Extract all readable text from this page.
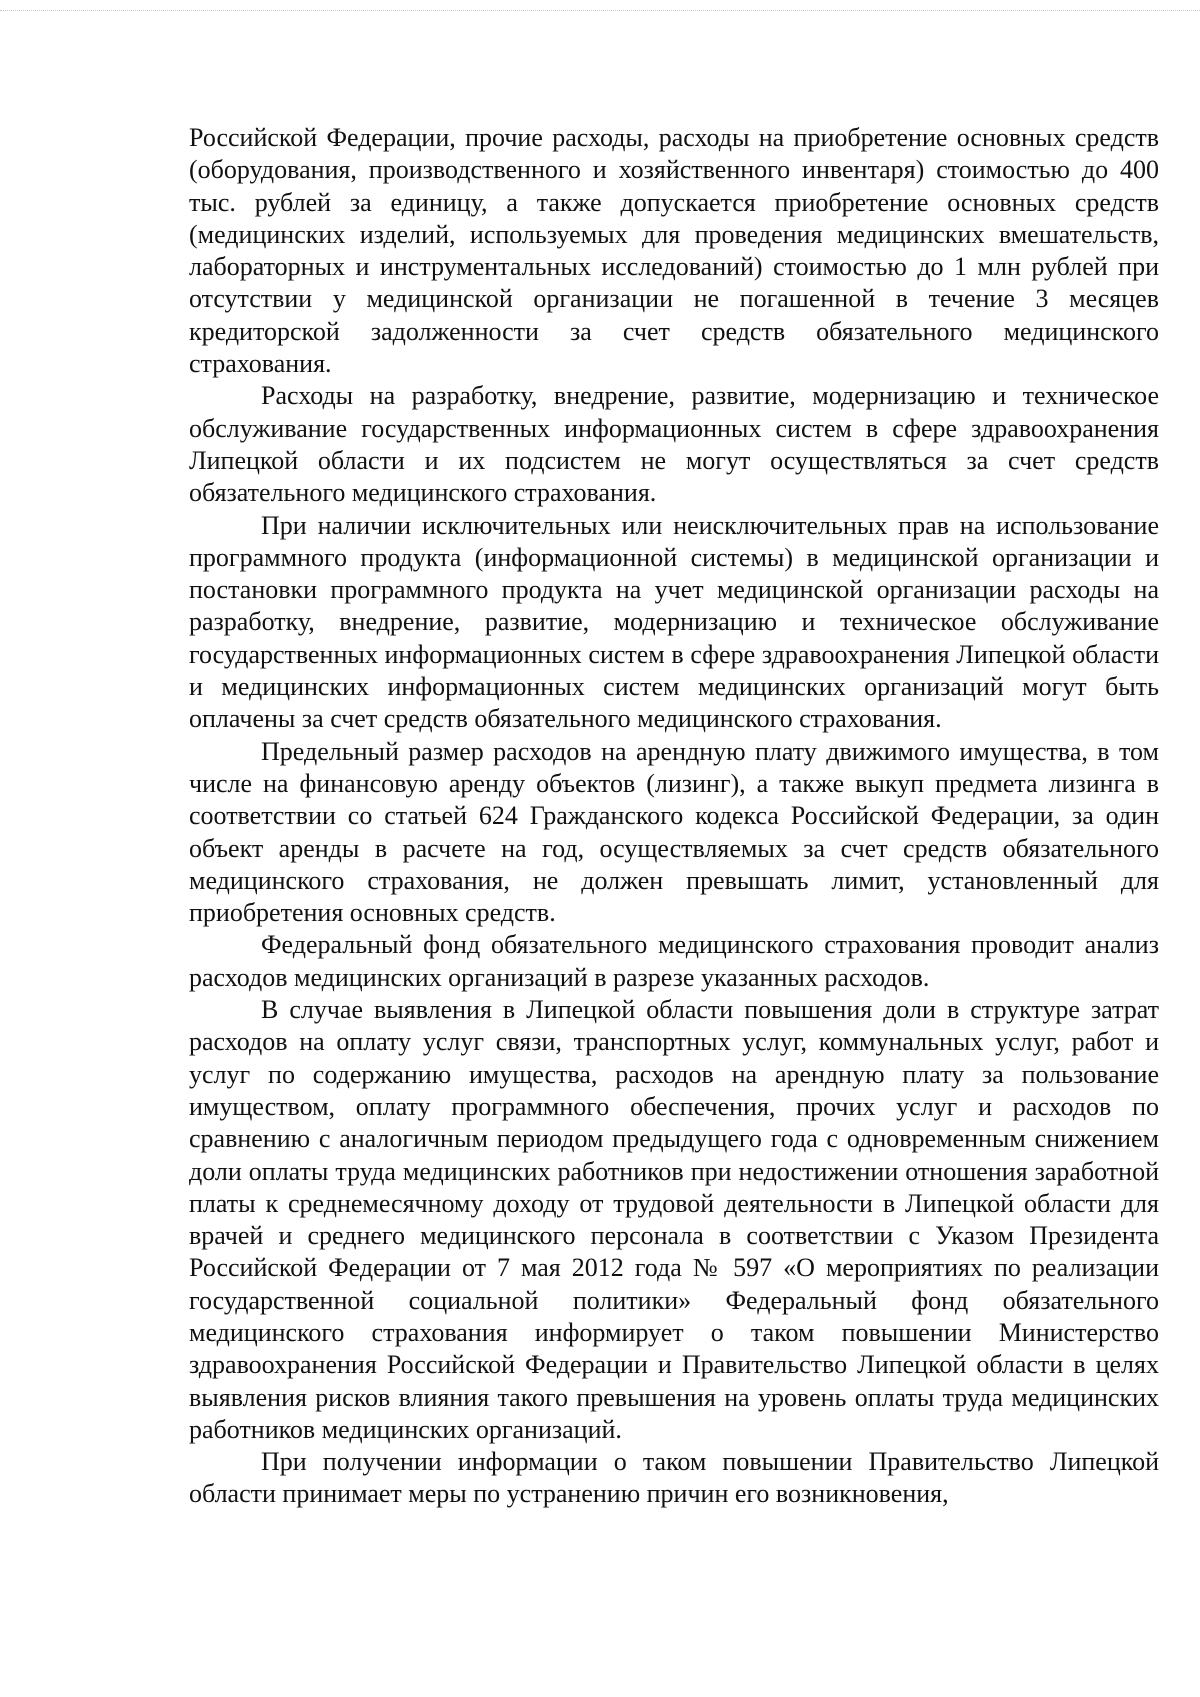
Российской Федерации, прочие расходы, расходы на приобретение основных средств (оборудования, производственного и хозяйственного инвентаря) стоимостью до 400 тыс. рублей за единицу, а также допускается приобретение основных средств (медицинских изделий, используемых для проведения медицинских вмешательств, лабораторных и инструментальных исследований) стоимостью до 1 млн рублей при отсутствии у медицинской организации не погашенной в течение 3 месяцев кредиторской задолженности за счет средств обязательного медицинского страхования.

Расходы на разработку, внедрение, развитие, модернизацию и техническое обслуживание государственных информационных систем в сфере здравоохранения Липецкой области и их подсистем не могут осуществляться за счет средств обязательного медицинского страхования.

При наличии исключительных или неисключительных прав на использование программного продукта (информационной системы) в медицинской организации и постановки программного продукта на учет медицинской организации расходы на разработку, внедрение, развитие, модернизацию и техническое обслуживание государственных информационных систем в сфере здравоохранения Липецкой области и медицинских информационных систем медицинских организаций могут быть оплачены за счет средств обязательного медицинского страхования.

Предельный размер расходов на арендную плату движимого имущества, в том числе на финансовую аренду объектов (лизинг), а также выкуп предмета лизинга в соответствии со статьей 624 Гражданского кодекса Российской Федерации, за один объект аренды в расчете на год, осуществляемых за счет средств обязательного медицинского страхования, не должен превышать лимит, установленный для приобретения основных средств.

Федеральный фонд обязательного медицинского страхования проводит анализ расходов медицинских организаций в разрезе указанных расходов.

В случае выявления в Липецкой области повышения доли в структуре затрат расходов на оплату услуг связи, транспортных услуг, коммунальных услуг, работ и услуг по содержанию имущества, расходов на арендную плату за пользование имуществом, оплату программного обеспечения, прочих услуг и расходов по сравнению с аналогичным периодом предыдущего года с одновременным снижением доли оплаты труда медицинских работников при недостижении отношения заработной платы к среднемесячному доходу от трудовой деятельности в Липецкой области для врачей и среднего медицинского персонала в соответствии с Указом Президента Российской Федерации от 7 мая 2012 года № 597 «О мероприятиях по реализации государственной социальной политики» Федеральный фонд обязательного медицинского страхования информирует о таком повышении Министерство здравоохранения Российской Федерации и Правительство Липецкой области в целях выявления рисков влияния такого превышения на уровень оплаты труда медицинских работников медицинских организаций.

При получении информации о таком повышении Правительство Липецкой области принимает меры по устранению причин его возникновения,
